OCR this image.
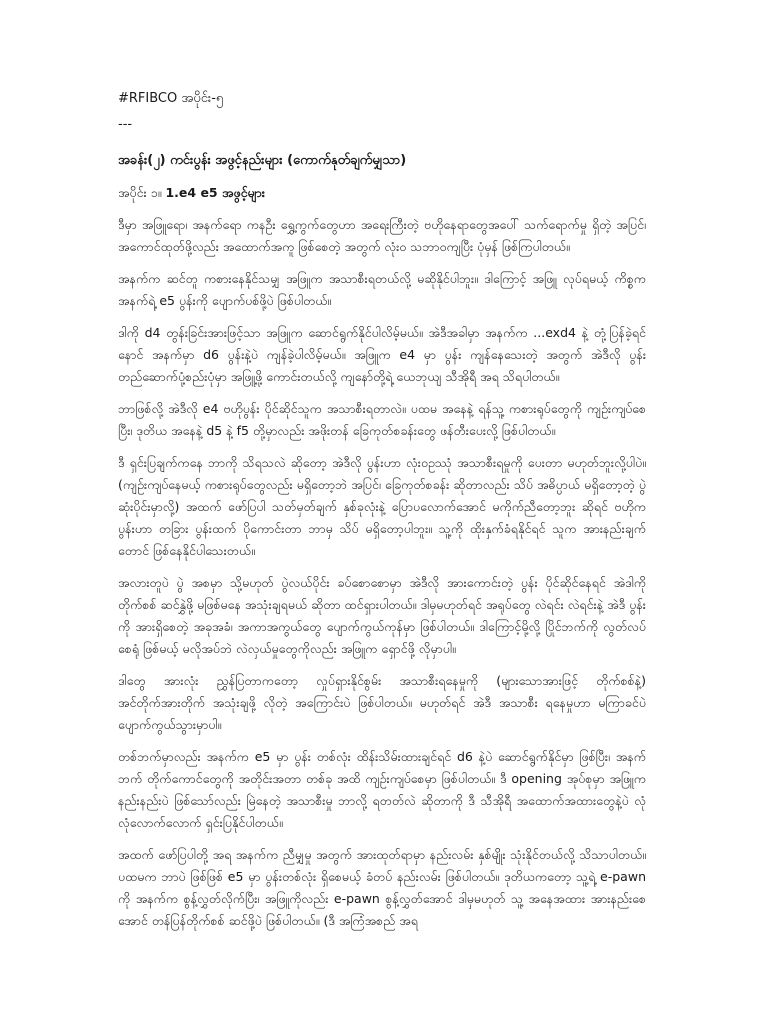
#RFIBCO အပိုင်း-၅
---
အခန်း(၂) ကင်းပွန်း အဖွင့်နည်းများ (ကောက်နုတ်ချက်မျှသာ)
အပိုင်း ၁။ 1.e4 e5 အဖွင့်များ

ဒီမှာ အဖြူရော၊ အနက်ရော ကနဦး ရွှေ့ကွက်တွေဟာ အရေးကြီးတဲ့ ဗဟိုနေရာတွေအပေါ် သက်ရောက်မှု ရှိတဲ့ အပြင်၊ အကောင်ထုတ်ဖို့လည်း အထောက်အကူ ဖြစ်စေတဲ့ အတွက် လုံးဝ သဘာဝကျပြီး ပုံမှန် ဖြစ်ကြပါတယ်။

အနက်က ဆင်တူ ကစားနေနိုင်သမျှ အဖြူက အသာစီးရတယ်လို့ မဆိုနိုင်ပါဘူး။ ဒါကြောင့် အဖြူ လုပ်ရမယ့် ကိစ္စက အနက်ရဲ့ e5 ပွန်းကို ပျောက်ပစ်ဖို့ပဲ ဖြစ်ပါတယ်။

ဒါကို d4 တွန်းခြင်းအားဖြင့်သာ အဖြူက ဆောင်ရွက်နိုင်ပါလိမ့်မယ်။ အဲဒီအခါမှာ အနက်က ...exd4 နဲ့ တုံ့ပြန်ခဲ့ရင် နောင် အနက်မှာ d6 ပွန်းနဲ့ပဲ ကျန်ခဲ့ပါလိမ့်မယ်။ အဖြူက e4 မှာ ပွန်း ကျန်နေသေးတဲ့ အတွက် အဲဒီလို ပွန်းတည်ဆောက်ပုံ့စည်းပုံမှာ အဖြူ့ဖို့ ကောင်းတယ်လို့ ကျနော်တို့ရဲ့ ယေဘုယျ သီအိုရီ အရ သိရပါတယ်။

ဘာဖြစ်လို့ အဲဒီလို e4 ဗဟိုပွန်း ပိုင်ဆိုင်သူက အသာစီးရတာလဲ။ ပထမ အနေနဲ့ ရန်သူ့ ကစားရုပ်တွေကို ကျဉ်းကျပ်စေပြီး၊ ဒုတိယ အနေနဲ့ d5 နဲ့ f5 တို့မှာလည်း အဖိုးတန် ခြေကုတ်စခန်းတွေ ဖန်တီးပေးလို့ ဖြစ်ပါတယ်။

ဒီ ရှင်းပြချက်ကနေ ဘာကို သိရသလဲ ဆိုတော့ အဲဒီလို ပွန်းဟာ လုံးဝဥဿုံ အသာစီးရမှုကို ပေးတာ မဟုတ်ဘူးလို့ပါပဲ။ (ကျဉ်းကျပ်နေမယ့် ကစားရုပ်တွေလည်း မရှိတော့ဘဲ အပြင်၊ ခြေကုတ်စခန်း ဆိုတာလည်း သိပ် အဓိပ္ပာယ် မရှိတော့တဲ့ ပွဲဆုံးပိုင်းမှာလို့) အထက် ဖော်ပြပါ သတ်မှတ်ချက် နှစ်ခုလုံးနဲ့ ပြောပလောက်အောင် မကိုက်ညီတော့ဘူး ဆိုရင် ဗဟိုက ပွန်းဟာ တခြား ပွန်းထက် ပိုကောင်းတာ ဘာမှ သိပ် မရှိတော့ပါဘူး။ သူ့ကို ထိုးနှက်ခံရနိုင်ရင် သူက အားနည်းချက်တောင် ဖြစ်နေနိုင်ပါသေးတယ်။

အလားတူပဲ ပွဲ အစမှာ သို့မဟုတ် ပွဲလယ်ပိုင်း ခပ်စောစောမှာ အဲဒီလို အားကောင်းတဲ့ ပွန်း ပိုင်ဆိုင်နေရင် အဲဒါကို တိုက်စစ် ဆင်နွှဲဖို့ မဖြစ်မနေ အသုံးချရမယ် ဆိုတာ ထင်ရှားပါတယ်။ ဒါမှမဟုတ်ရင် အရုပ်တွေ လဲရင်း လဲရင်းနဲ့ အဲဒီ ပွန်းကို အားရှိစေတဲ့ အခုအခံ၊ အကာအကွယ်တွေ ပျောက်ကွယ်ကုန်မှာ ဖြစ်ပါတယ်။ ဒါကြောင့်မို့လို့ ပြိုင်ဘက်ကို လွတ်လပ်စေရုံ ဖြစ်မယ့် မလိုအပ်ဘဲ လဲလှယ်မှုတွေကိုလည်း အဖြူက ရှောင်ဖို့ လိုမှာပါ။

ဒါတွေ အားလုံး ညွှန်ပြတာကတော့ လှုပ်ရှားနိုင်စွမ်း အသာစီးရနေမှုကို (များသောအားဖြင့် တိုက်စစ်နဲ့) အင်တိုက်အားတိုက် အသုံးချဖို့ လိုတဲ့ အကြောင်းပဲ ဖြစ်ပါတယ်။ မဟုတ်ရင် အဲဒီ အသာစီး ရနေမှုဟာ မကြာခင်ပဲ ပျောက်ကွယ်သွားမှာပါ။

တစ်ဘက်မှာလည်း အနက်က e5 မှာ ပွန်း တစ်လုံး ထိန်းသိမ်းထားချင်ရင် d6 နဲ့ပဲ ဆောင်ရွက်နိုင်မှာ ဖြစ်ပြီး၊ အနက်ဘက် တိုက်ကောင်တွေကို အတိုင်းအတာ တစ်ခု အထိ ကျဉ်းကျပ်စေမှာ ဖြစ်ပါတယ်။ ဒီ opening အုပ်စုမှာ အဖြူက နည်းနည်းပဲ ဖြစ်သော်လည်း မြဲနေတဲ့ အသာစီးမှု ဘာလို့ ရတတ်လဲ ဆိုတာကို ဒီ သီအိုရီ အထောက်အထားတွေနဲ့ပဲ လုံလုံလောက်လောက် ရှင်းပြနိုင်ပါတယ်။

အထက် ဖော်ပြပါတို့ အရ အနက်က ညီမျှမှု အတွက် အားထုတ်ရာမှာ နည်းလမ်း နှစ်မျိုး သုံးနိုင်တယ်လို့ သိသာပါတယ်။ ပထမက ဘာပဲ ဖြစ်ဖြစ် e5 မှာ ပွန်းတစ်လုံး ရှိစေမယ့် ခံတပ် နည်းလမ်း ဖြစ်ပါတယ်။ ဒုတိယကတော့ သူ့ရဲ့ e-pawn ကို အနက်က စွန့်လွှတ်လိုက်ပြီး၊ အဖြူကိုလည်း e-pawn စွန့်လွှတ်အောင် ဒါမှမဟုတ် သူ့ အနေအထား အားနည်းစေအောင် တန်ပြန်တိုက်စစ် ဆင်ဖို့ပဲ ဖြစ်ပါတယ်။ (ဒီ အကြံအစည် အရ
